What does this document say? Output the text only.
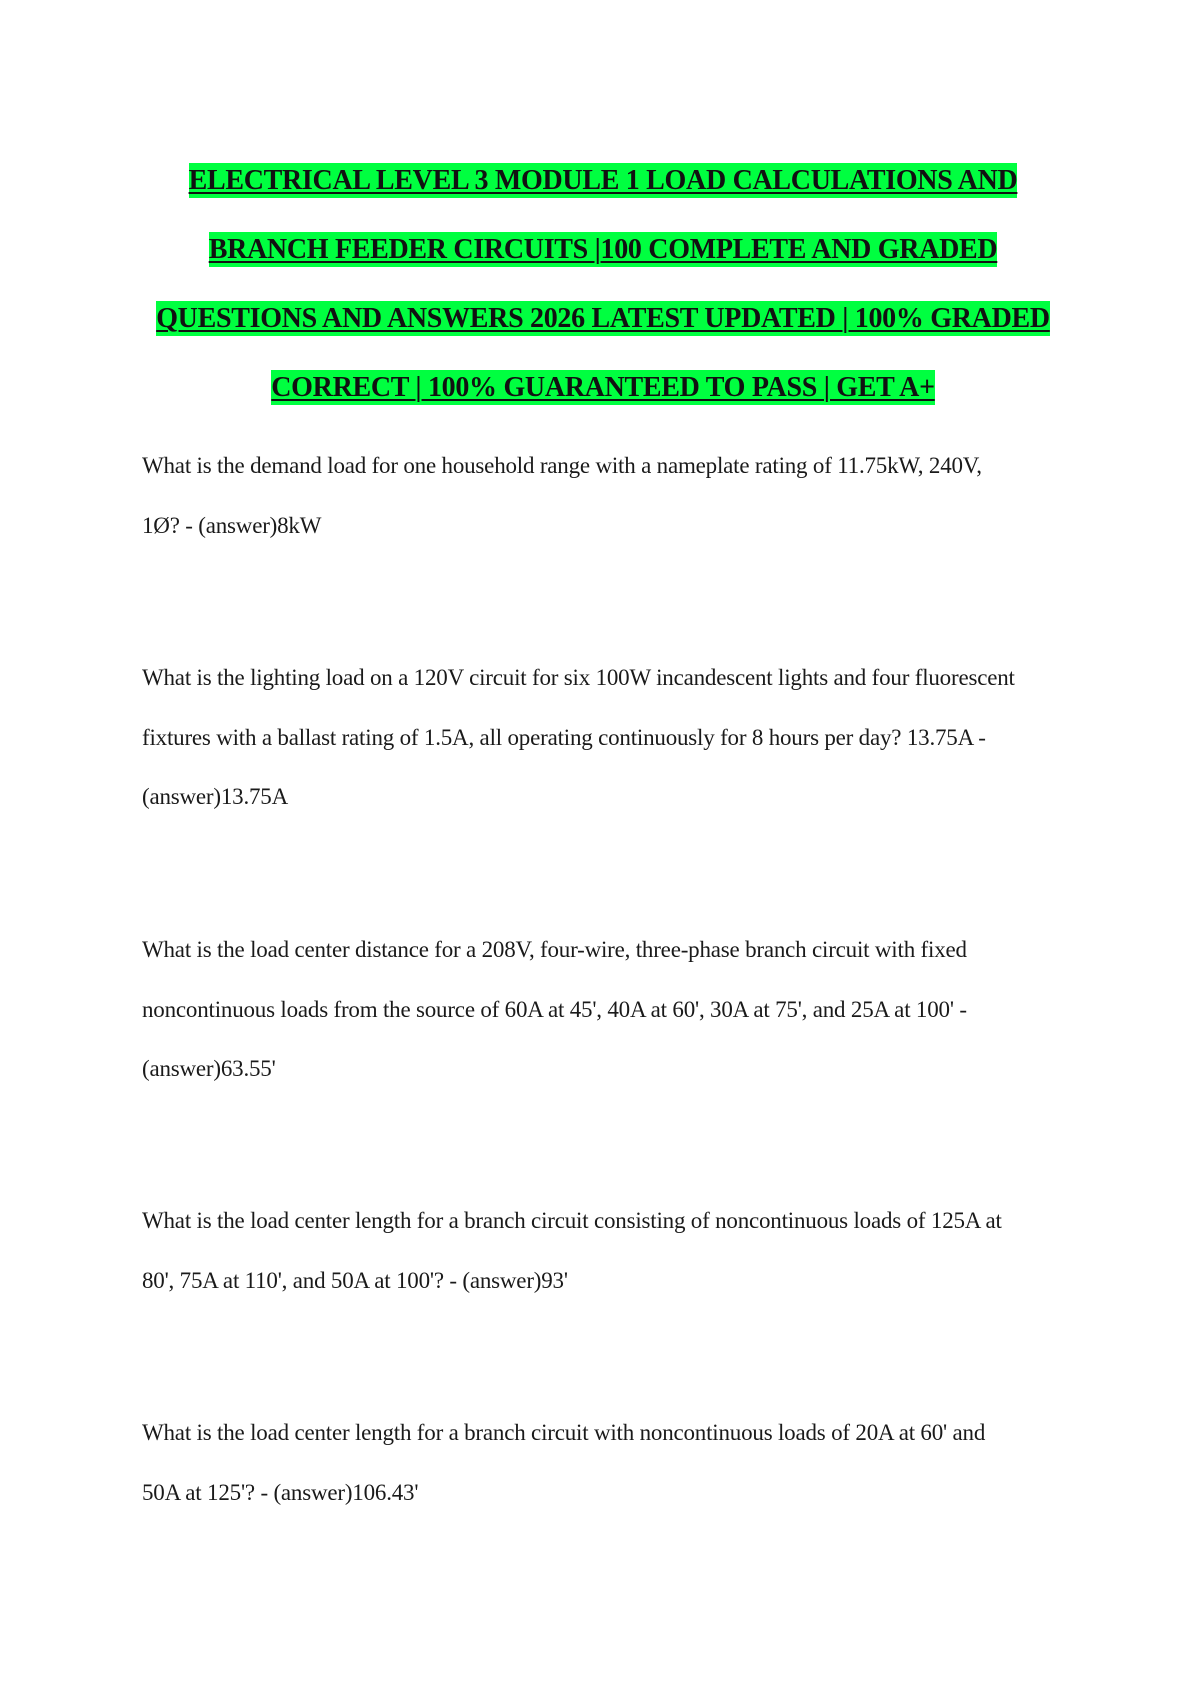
ELECTRICAL LEVEL 3 MODULE 1 LOAD CALCULATIONS AND

BRANCH FEEDER CIRCUITS |100 COMPLETE AND GRADED

QUESTIONS AND ANSWERS 2026 LATEST UPDATED | 100% GRADED

CORRECT | 100% GUARANTEED TO PASS | GET A+

What is the demand load for one household range with a nameplate rating of 11.75kW, 240V,
1Ø? - (answer)8kW

What is the lighting load on a 120V circuit for six 100W incandescent lights and four fluorescent
fixtures with a ballast rating of 1.5A, all operating continuously for 8 hours per day? 13.75A -
(answer)13.75A

What is the load center distance for a 208V, four-wire, three-phase branch circuit with fixed
noncontinuous loads from the source of 60A at 45', 40A at 60', 30A at 75', and 25A at 100' -
(answer)63.55'

What is the load center length for a branch circuit consisting of noncontinuous loads of 125A at
80', 75A at 110', and 50A at 100'? - (answer)93'

What is the load center length for a branch circuit with noncontinuous loads of 20A at 60' and
50A at 125'? - (answer)106.43'
